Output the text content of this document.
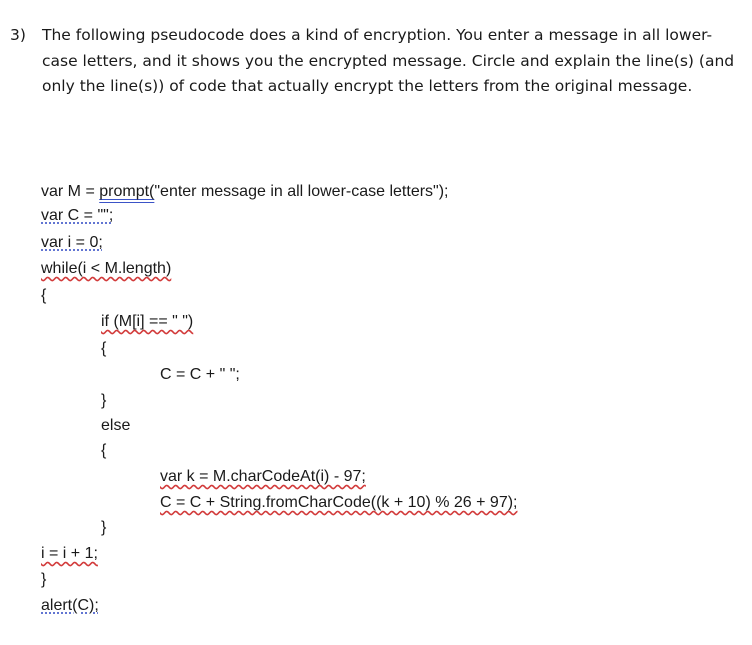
3) The following pseudocode does a kind of encryption. You enter a message in all lower-case letters, and it shows you the encrypted message. Circle and explain the line(s) (and only the line(s)) of code that actually encrypt the letters from the original message.
var M = prompt("enter message in all lower-case letters");
var C = "";
var i = 0;
while(i < M.length)
{
if (M[i] == " ")
{
C = C + " ";
}
else
{
var k = M.charCodeAt(i) - 97;
C = C + String.fromCharCode((k + 10) % 26 + 97);
}
i = i + 1;
}
alert(C);
